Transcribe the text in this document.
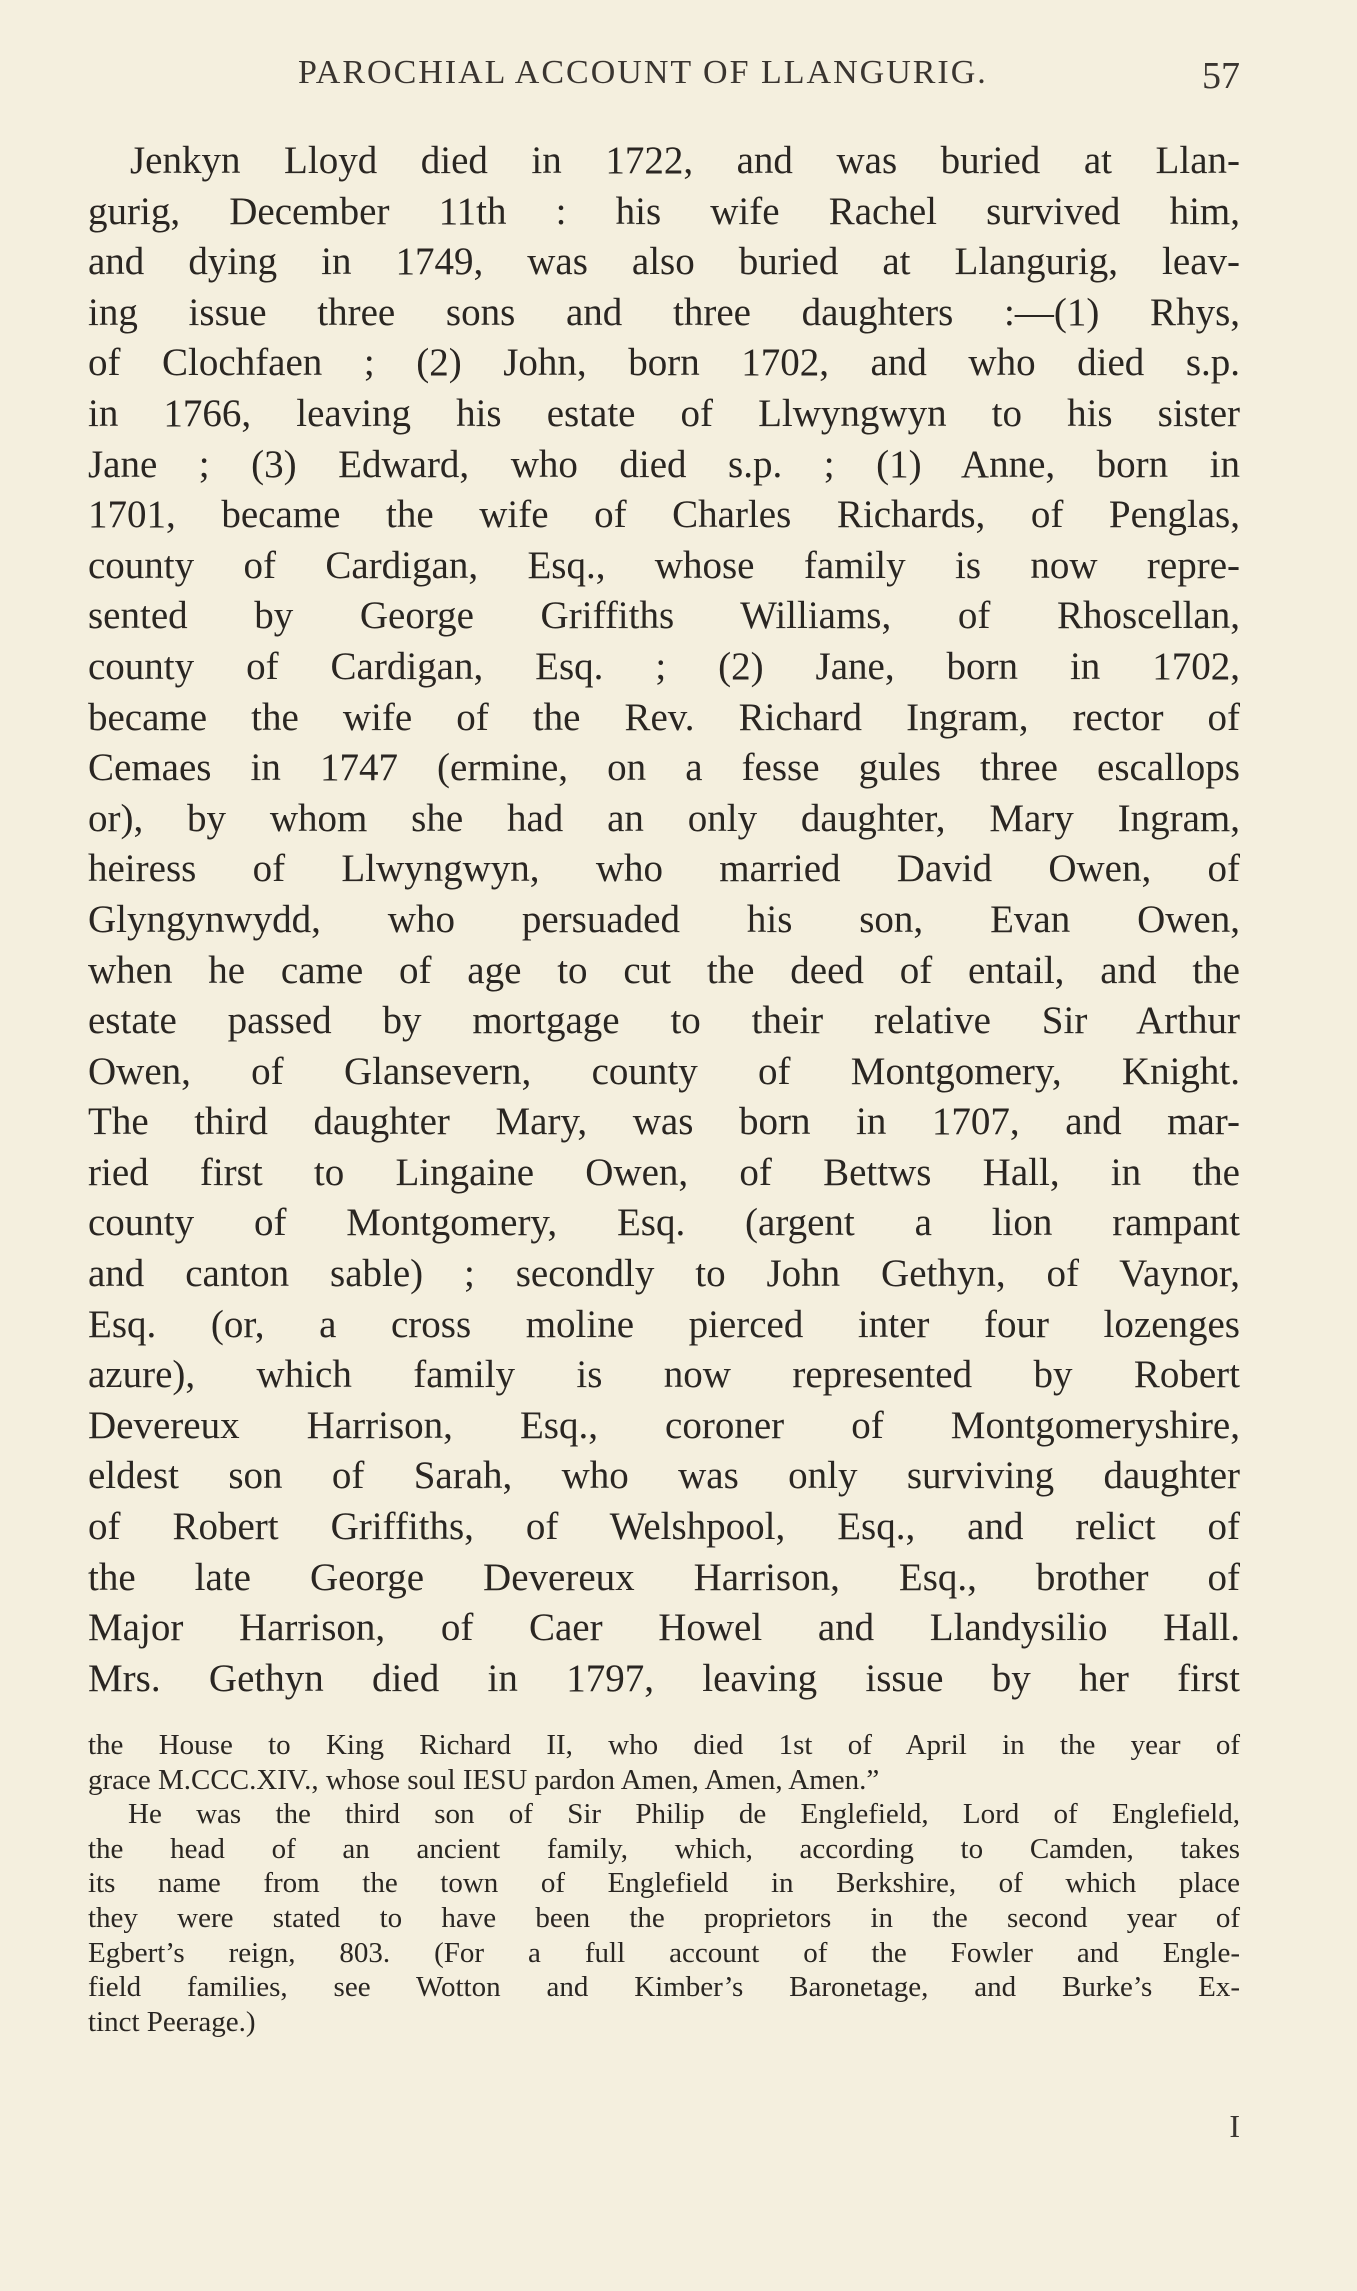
PAROCHIAL ACCOUNT OF LLANGURIG.	57
Jenkyn Lloyd died in 1722, and was buried at Llan-
gurig, December 11th : his wife Rachel survived him,
and dying in 1749, was also buried at Llangurig, leav-
ing issue three sons and three daughters :—(1) Rhys,
of Clochfaen ; (2) John, born 1702, and who died s.p.
in 1766, leaving his estate of Llwyngwyn to his sister
Jane ; (3) Edward, who died s.p. ; (1) Anne, born in
1701, became the wife of Charles Richards, of Penglas,
county of Cardigan, Esq., whose family is now repre-
sented by George Griffiths Williams, of Rhoscellan,
county of Cardigan, Esq. ; (2) Jane, born in 1702,
became the wife of the Rev. Richard Ingram, rector of
Cemaes in 1747 (ermine, on a fesse gules three escallops
or), by whom she had an only daughter, Mary Ingram,
heiress of Llwyngwyn, who married David Owen, of
Glyngynwydd, who persuaded his son, Evan Owen,
when he came of age to cut the deed of entail, and the
estate passed by mortgage to their relative Sir Arthur
Owen, of Glansevern, county of Montgomery, Knight.
The third daughter Mary, was born in 1707, and mar-
ried first to Lingaine Owen, of Bettws Hall, in the
county of Montgomery, Esq. (argent a lion rampant
and canton sable) ; secondly to John Gethyn, of Vaynor,
Esq. (or, a cross moline pierced inter four lozenges
azure), which family is now represented by Robert
Devereux Harrison, Esq., coroner of Montgomeryshire,
eldest son of Sarah, who was only surviving daughter
of Robert Griffiths, of Welshpool, Esq., and relict of
the late George Devereux Harrison, Esq., brother of
Major Harrison, of Caer Howel and Llandysilio Hall.
Mrs. Gethyn died in 1797, leaving issue by her first
the House to King Richard II, who died 1st of April in the year of
grace M.CCC.XIV., whose soul IESU pardon Amen, Amen, Amen.”
He was the third son of Sir Philip de Englefield, Lord of Englefield,
the head of an ancient family, which, according to Camden, takes
its name from the town of Englefield in Berkshire, of which place
they were stated to have been the proprietors in the second year of
Egbert’s reign, 803. (For a full account of the Fowler and Engle-
field families, see Wotton and Kimber’s Baronetage, and Burke’s Ex-
tinct Peerage.)
I
